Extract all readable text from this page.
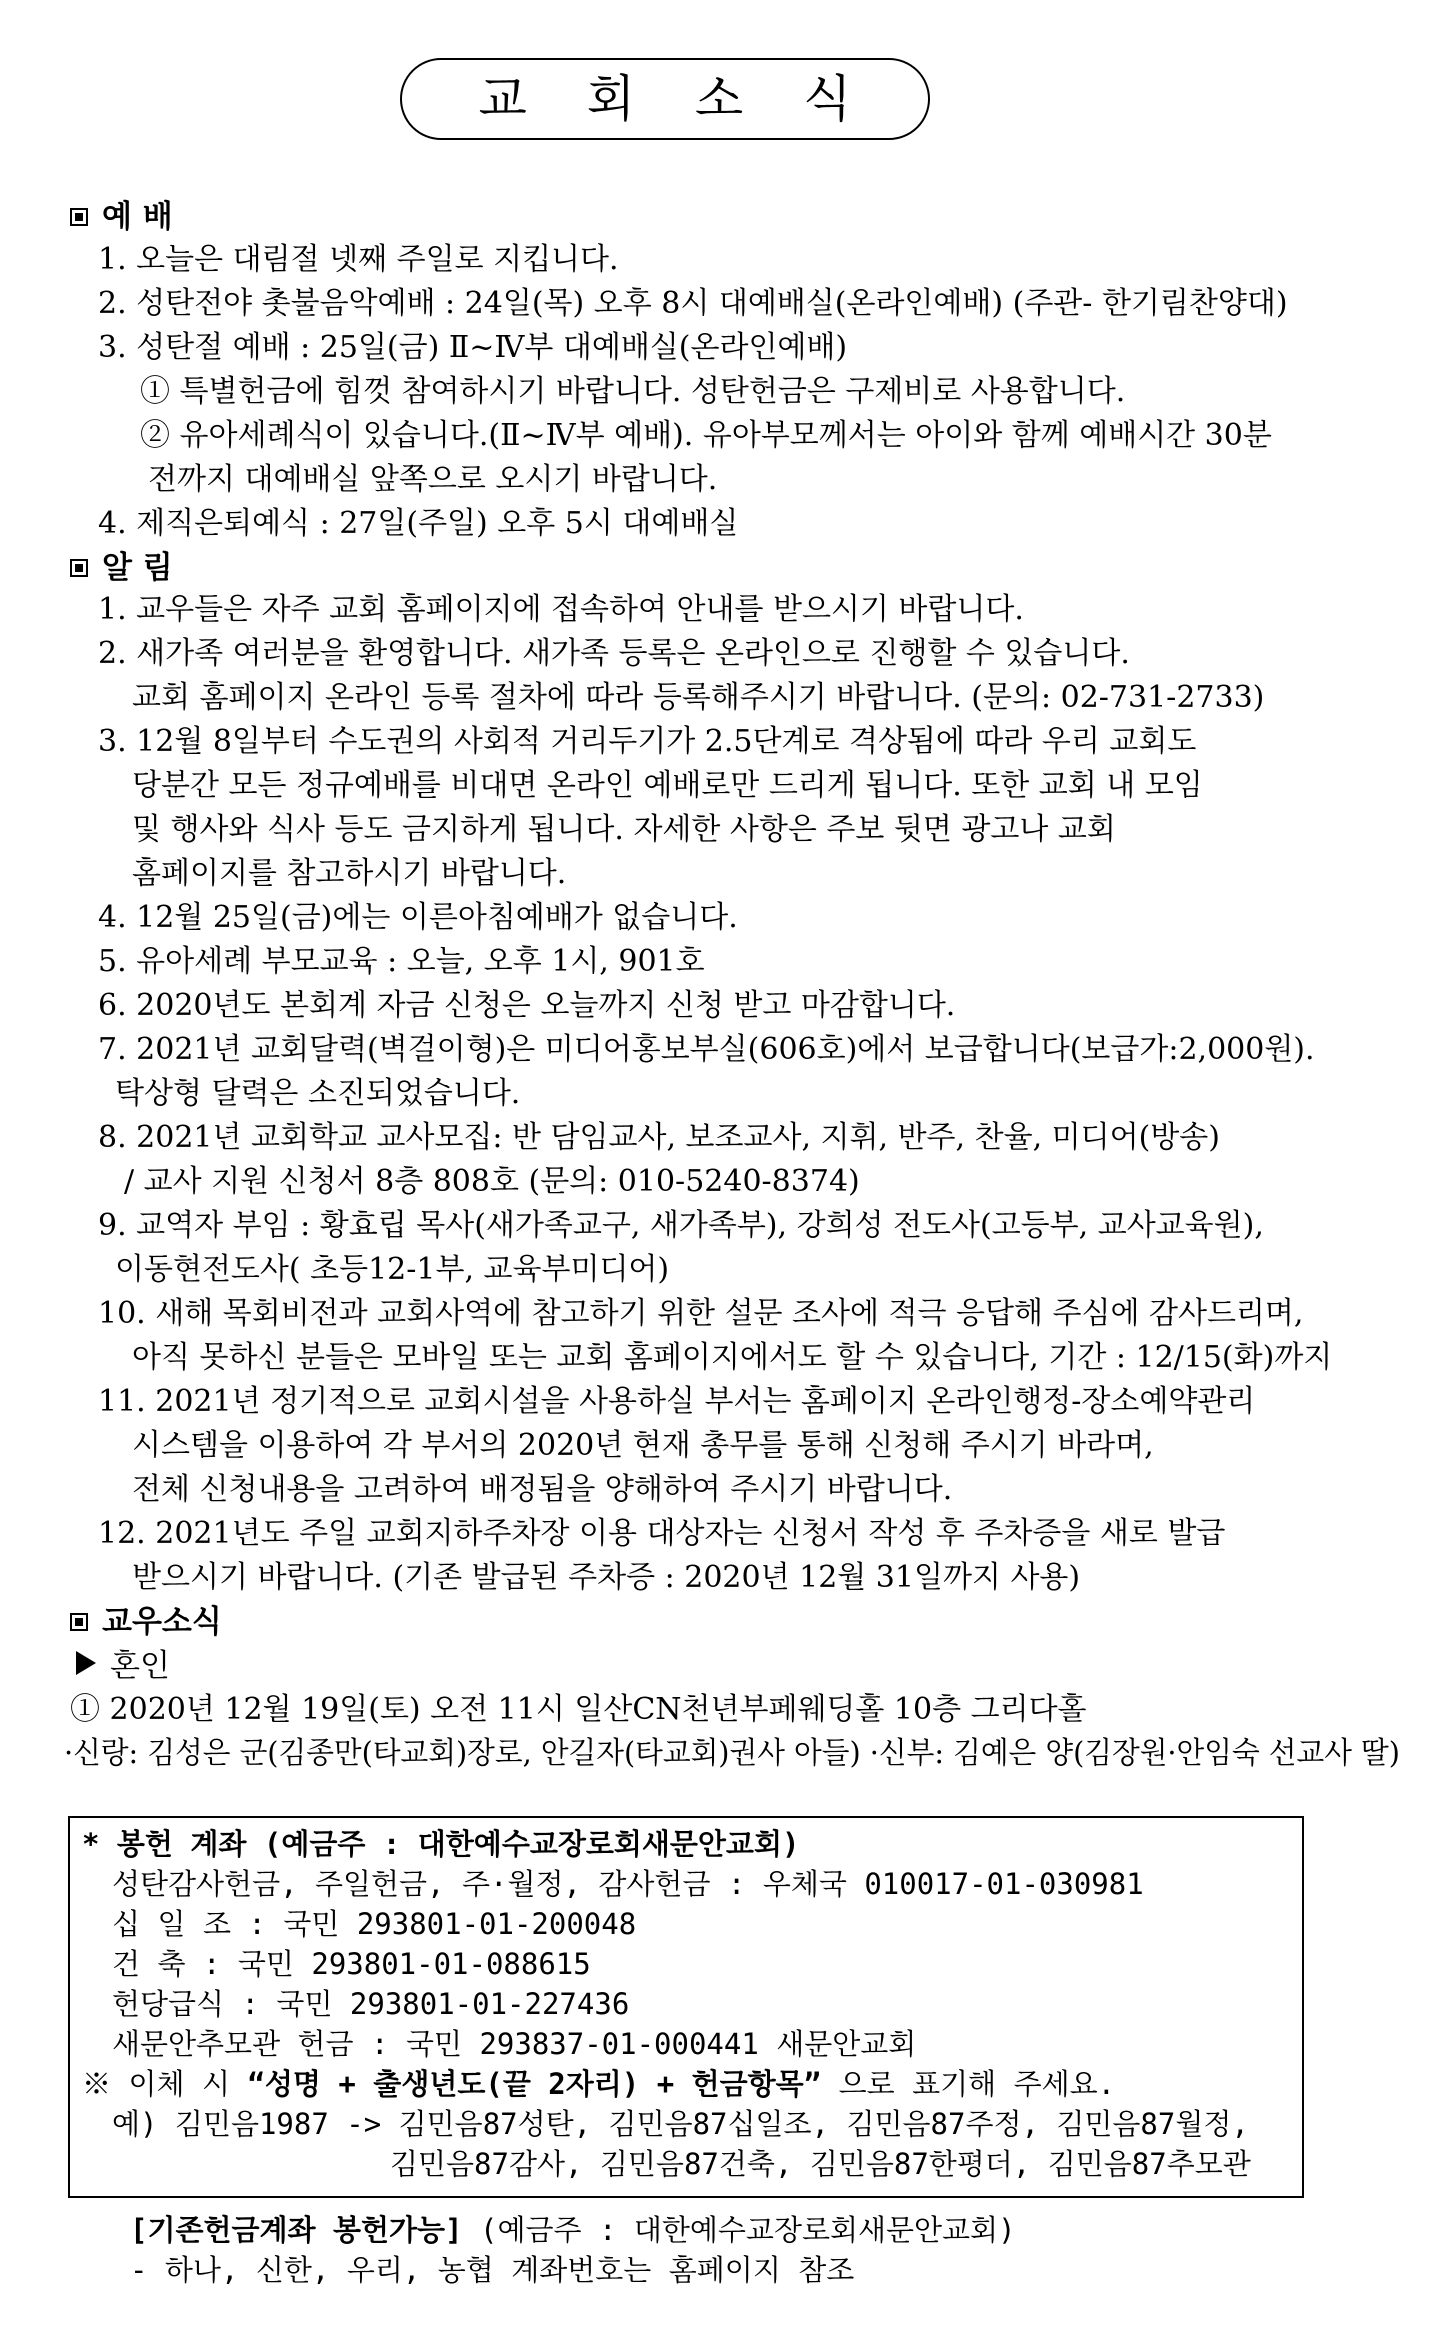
교 회 소 식
예 배
1. 오늘은 대림절 넷째 주일로 지킵니다.
2. 성탄전야 촛불음악예배 : 24일(목) 오후 8시 대예배실(온라인예배) (주관- 한기림찬양대)
3. 성탄절 예배 : 25일(금) Ⅱ~Ⅳ부 대예배실(온라인예배)
① 특별헌금에 힘껏 참여하시기 바랍니다. 성탄헌금은 구제비로 사용합니다.
② 유아세례식이 있습니다.(Ⅱ~Ⅳ부 예배). 유아부모께서는 아이와 함께 예배시간 30분
전까지 대예배실 앞쪽으로 오시기 바랍니다.
4. 제직은퇴예식 : 27일(주일) 오후 5시 대예배실
알 림
1. 교우들은 자주 교회 홈페이지에 접속하여 안내를 받으시기 바랍니다.
2. 새가족 여러분을 환영합니다. 새가족 등록은 온라인으로 진행할 수 있습니다.
교회 홈페이지 온라인 등록 절차에 따라 등록해주시기 바랍니다. (문의: 02-731-2733)
3. 12월 8일부터 수도권의 사회적 거리두기가 2.5단계로 격상됨에 따라 우리 교회도
당분간 모든 정규예배를 비대면 온라인 예배로만 드리게 됩니다. 또한 교회 내 모임
및 행사와 식사 등도 금지하게 됩니다. 자세한 사항은 주보 뒷면 광고나 교회
홈페이지를 참고하시기 바랍니다.
4. 12월 25일(금)에는 이른아침예배가 없습니다.
5. 유아세례 부모교육 : 오늘, 오후 1시, 901호
6. 2020년도 본회계 자금 신청은 오늘까지 신청 받고 마감합니다.
7. 2021년 교회달력(벽걸이형)은 미디어홍보부실(606호)에서 보급합니다(보급가:2,000원).
탁상형 달력은 소진되었습니다.
8. 2021년 교회학교 교사모집: 반 담임교사, 보조교사, 지휘, 반주, 찬율, 미디어(방송)
/ 교사 지원 신청서 8층 808호 (문의: 010-5240-8374)
9. 교역자 부임 : 황효립 목사(새가족교구, 새가족부), 강희성 전도사(고등부, 교사교육원),
이동현전도사( 초등12-1부, 교육부미디어)
10. 새해 목회비전과 교회사역에 참고하기 위한 설문 조사에 적극 응답해 주심에 감사드리며,
아직 못하신 분들은 모바일 또는 교회 홈페이지에서도 할 수 있습니다, 기간 : 12/15(화)까지
11. 2021년 정기적으로 교회시설을 사용하실 부서는 홈페이지 온라인행정-장소예약관리
시스템을 이용하여 각 부서의 2020년 현재 총무를 통해 신청해 주시기 바라며,
전체 신청내용을 고려하여 배정됨을 양해하여 주시기 바랍니다.
12. 2021년도 주일 교회지하주차장 이용 대상자는 신청서 작성 후 주차증을 새로 발급
받으시기 바랍니다. (기존 발급된 주차증 : 2020년 12월 31일까지 사용)
교우소식
혼인
① 2020년 12월 19일(토) 오전 11시 일산CN천년부페웨딩홀 10층 그리다홀
·신랑: 김성은 군(김종만(타교회)장로, 안길자(타교회)권사 아들) ·신부: 김예은 양(김장원·안임숙 선교사 딸)
* 봉헌 계좌 (예금주 : 대한예수교장로회새문안교회)
성탄감사헌금, 주일헌금, 주·월정, 감사헌금 : 우체국 010017-01-030981
십 일 조 : 국민 293801-01-200048
건 축 : 국민 293801-01-088615
헌당급식 : 국민 293801-01-227436
새문안추모관 헌금 : 국민 293837-01-000441 새문안교회
※ 이체 시 “성명 + 출생년도(끝 2자리) + 헌금항목” 으로 표기해 주세요.
예) 김민음1987 -> 김민음87성탄, 김민음87십일조, 김민음87주정, 김민음87월정,
김민음87감사, 김민음87건축, 김민음87한평더, 김민음87추모관
[기존헌금계좌 봉헌가능] (예금주 : 대한예수교장로회새문안교회)
- 하나, 신한, 우리, 농협 계좌번호는 홈페이지 참조
